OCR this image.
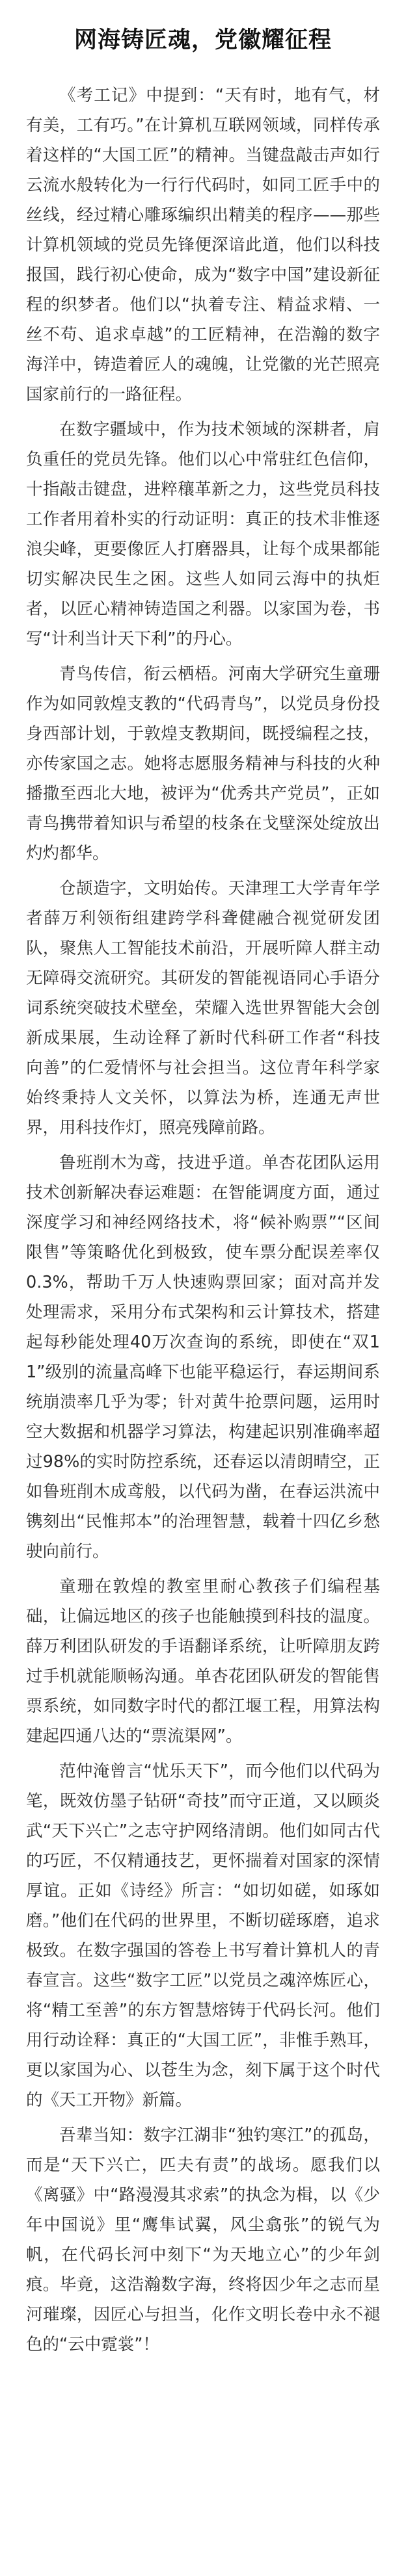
网海铸匠魂，党徽耀征程

《考工记》中提到：“天有时，地有气，材有美，工有巧。”在计算机互联网领域，同样传承着这样的“大国工匠”的精神。当键盘敲击声如行云流水般转化为一行行代码时，如同工匠手中的丝线，经过精心雕琢编织出精美的程序——那些计算机领域的党员先锋便深谙此道，他们以科技报国，践行初心使命，成为“数字中国”建设新征程的织梦者。他们以“执着专注、精益求精、一丝不苟、追求卓越”的工匠精神，在浩瀚的数字海洋中，铸造着匠人的魂魄，让党徽的光芒照亮国家前行的一路征程。

在数字疆域中，作为技术领域的深耕者，肩负重任的党员先锋。他们以心中常驻红色信仰，十指敲击键盘，进粹穰革新之力，这些党员科技工作者用着朴实的行动证明：真正的技术非惟逐浪尖峰，更要像匠人打磨器具，让每个成果都能切实解决民生之困。这些人如同云海中的执炬者，以匠心精神铸造国之利器。以家国为卷，书写“计利当计天下利”的丹心。

青鸟传信，衔云栖梧。河南大学研究生童珊作为如同敦煌支教的“代码青鸟”，以党员身份投身西部计划，于敦煌支教期间，既授编程之技，亦传家国之志。她将志愿服务精神与科技的火种播撒至西北大地，被评为“优秀共产党员”，正如青鸟携带着知识与希望的枝条在戈壁深处绽放出灼灼都华。

仓颉造字，文明始传。天津理工大学青年学者薛万利领衔组建跨学科聋健融合视觉研发团队，聚焦人工智能技术前沿，开展听障人群主动无障碍交流研究。其研发的智能视语同心手语分词系统突破技术壁垒，荣耀入选世界智能大会创新成果展，生动诠释了新时代科研工作者“科技向善”的仁爱情怀与社会担当。这位青年科学家始终秉持人文关怀，以算法为桥，连通无声世界，用科技作灯，照亮残障前路。

鲁班削木为鸢，技进乎道。单杏花团队运用技术创新解决春运难题：在智能调度方面，通过深度学习和神经网络技术，将“候补购票”“区间限售”等策略优化到极致，使车票分配误差率仅0.3%，帮助千万人快速购票回家；面对高并发处理需求，采用分布式架构和云计算技术，搭建起每秒能处理40万次查询的系统，即使在“双11”级别的流量高峰下也能平稳运行，春运期间系统崩溃率几乎为零；针对黄牛抢票问题，运用时空大数据和机器学习算法，构建起识别准确率超过98%的实时防控系统，还春运以清朗晴空，正如鲁班削木成鸢般，以代码为凿，在春运洪流中镌刻出“民惟邦本”的治理智慧，载着十四亿乡愁驶向前行。

童珊在敦煌的教室里耐心教孩子们编程基础，让偏远地区的孩子也能触摸到科技的温度。薛万利团队研发的手语翻译系统，让听障朋友跨过手机就能顺畅沟通。单杏花团队研发的智能售票系统，如同数字时代的都江堰工程，用算法构建起四通八达的“票流渠网”。

范仲淹曾言“忧乐天下”，而今他们以代码为笔，既效仿墨子钻研“奇技”而守正道，又以顾炎武“天下兴亡”之志守护网络清朗。他们如同古代的巧匠，不仅精通技艺，更怀揣着对国家的深情厚谊。正如《诗经》所言：“如切如磋，如琢如磨。”他们在代码的世界里，不断切磋琢磨，追求极致。在数字强国的答卷上书写着计算机人的青春宣言。这些“数字工匠”以党员之魂淬炼匠心，将“精工至善”的东方智慧熔铸于代码长河。他们用行动诠释：真正的“大国工匠”，非惟手熟耳，更以家国为心、以苍生为念，刻下属于这个时代的《天工开物》新篇。

吾辈当知：数字江湖非“独钓寒江”的孤岛，而是“天下兴亡，匹夫有责”的战场。愿我们以《离骚》中“路漫漫其求索”的执念为楫，以《少年中国说》里“鹰隼试翼，风尘翕张”的锐气为帆，在代码长河中刻下“为天地立心”的少年剑痕。毕竟，这浩瀚数字海，终将因少年之志而星河璀璨，因匠心与担当，化作文明长卷中永不褪色的“云中霓裳”！
